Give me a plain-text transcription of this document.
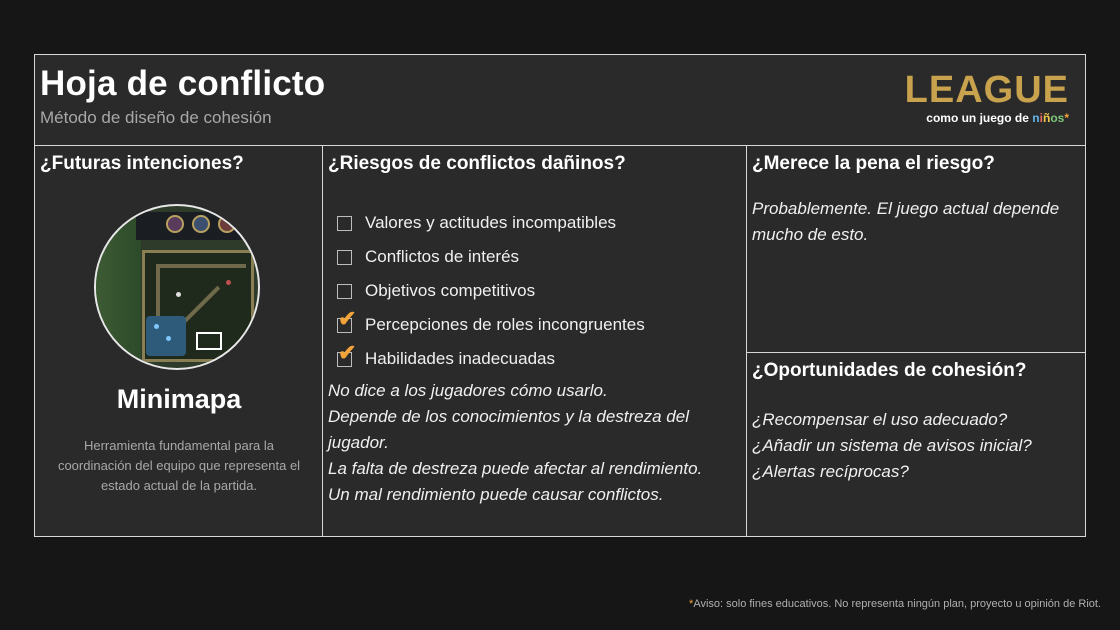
Hoja de conflicto
Método de diseño de cohesión
LEAGUE
como un juego de niños*
¿Futuras intenciones?
Minimapa
Herramienta fundamental para la coordinación del equipo que representa el estado actual de la partida.
¿Riesgos de conflictos dañinos?
Valores y actitudes incompatibles
Conflictos de interés
Objetivos competitivos
✔ Percepciones de roles incongruentes
✔ Habilidades inadecuadas
No dice a los jugadores cómo usarlo.
Depende de los conocimientos y la destreza del jugador.
La falta de destreza puede afectar al rendimiento.
Un mal rendimiento puede causar conflictos.
¿Merece la pena el riesgo?
Probablemente. El juego actual depende mucho de esto.
¿Oportunidades de cohesión?
¿Recompensar el uso adecuado?
¿Añadir un sistema de avisos inicial?
¿Alertas recíprocas?
*Aviso: solo fines educativos. No representa ningún plan, proyecto u opinión de Riot.
